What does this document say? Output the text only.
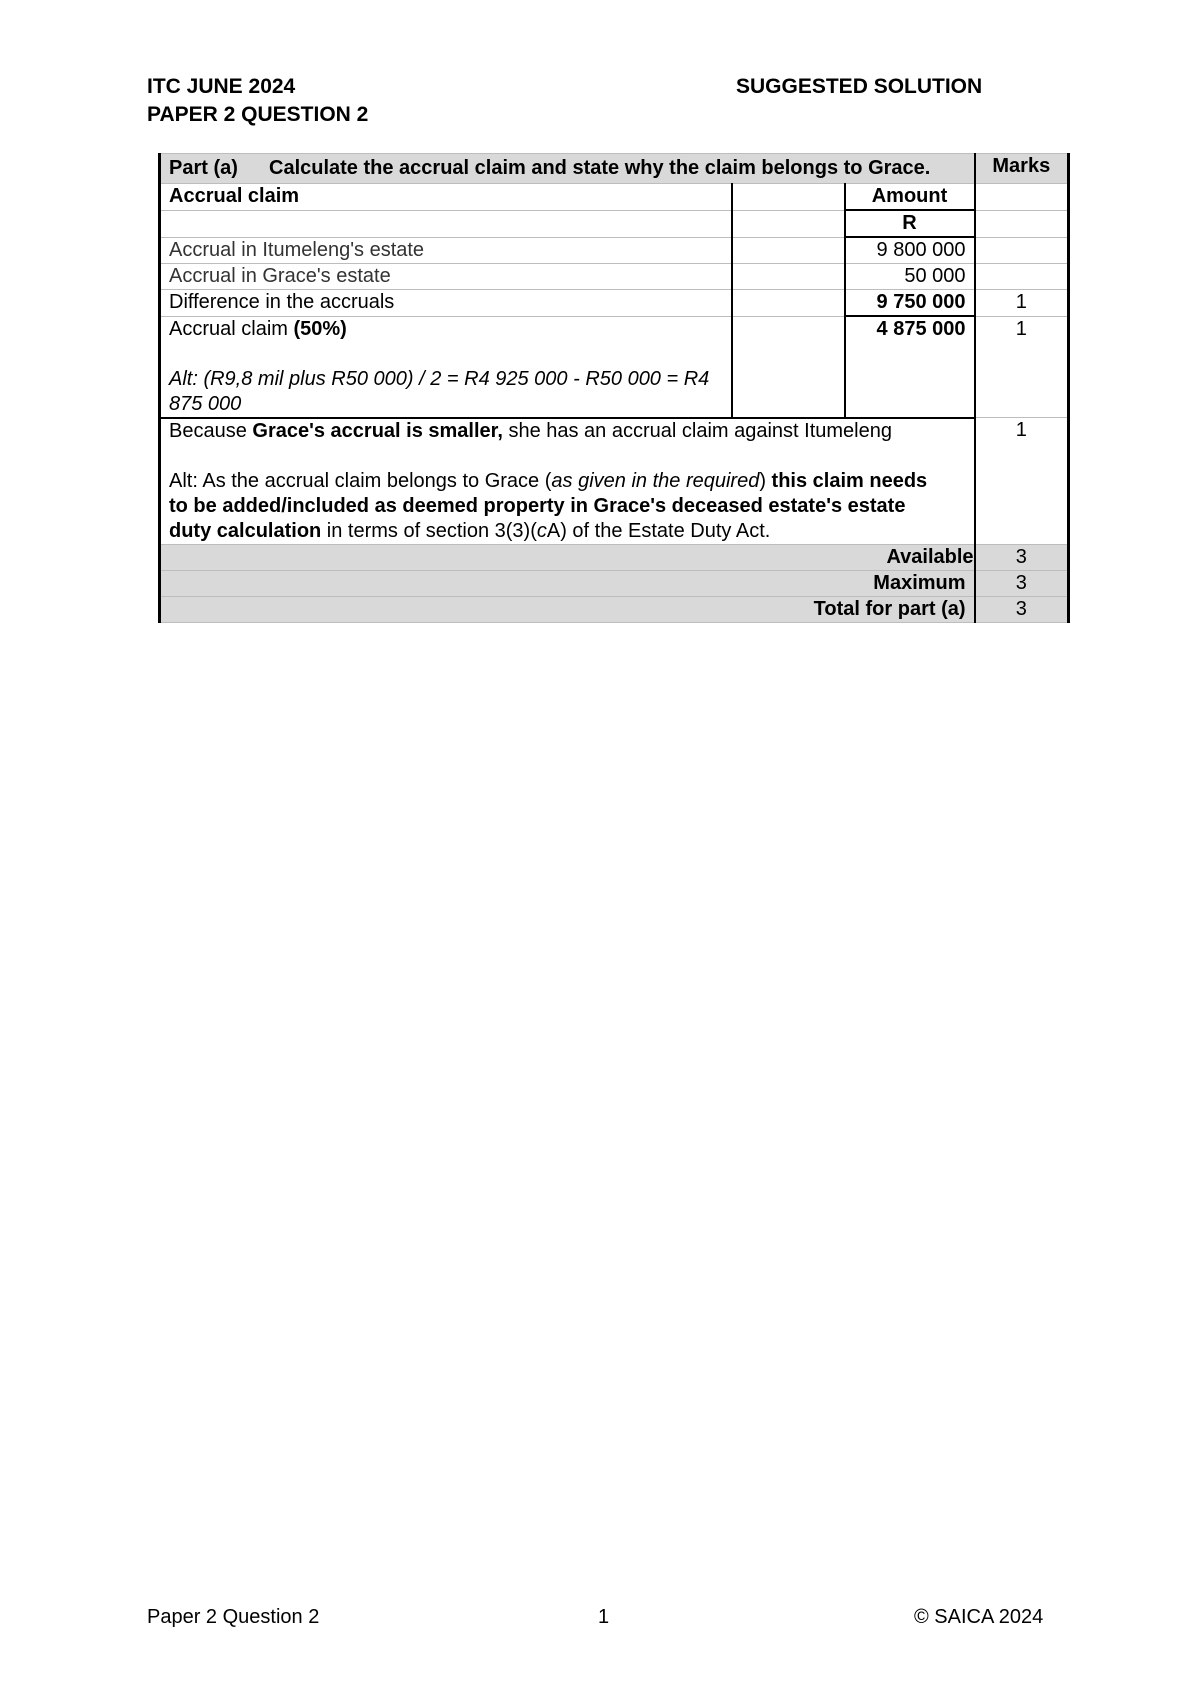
ITC JUNE 2024
PAPER 2 QUESTION 2
SUGGESTED SOLUTION
Part (a) Calculate the accrual claim and state why the claim belongs to Grace.			Marks
Accrual claim		Amount	
		R	
Accrual in Itumeleng's estate		9 800 000	
Accrual in Grace's estate		50 000	
Difference in the accruals		9 750 000	1

Accrual claim (50%)

Alt: (R9,8 mil plus R50 000) / 2 = R4 925 000 - R50 000 = R4 875 000		4 875 000	1

Because Grace's accrual is smaller, she has an accrual claim against Itumeleng

Alt: As the accrual claim belongs to Grace (as given in the required) this claim needs to be added/included as deemed property in Grace's deceased estate's estate duty calculation in terms of section 3(3)(cA) of the Estate Duty Act.			1
Available			3
Maximum			3
Total for part (a)			3
Paper 2 Question 2	1	© SAICA 2024
